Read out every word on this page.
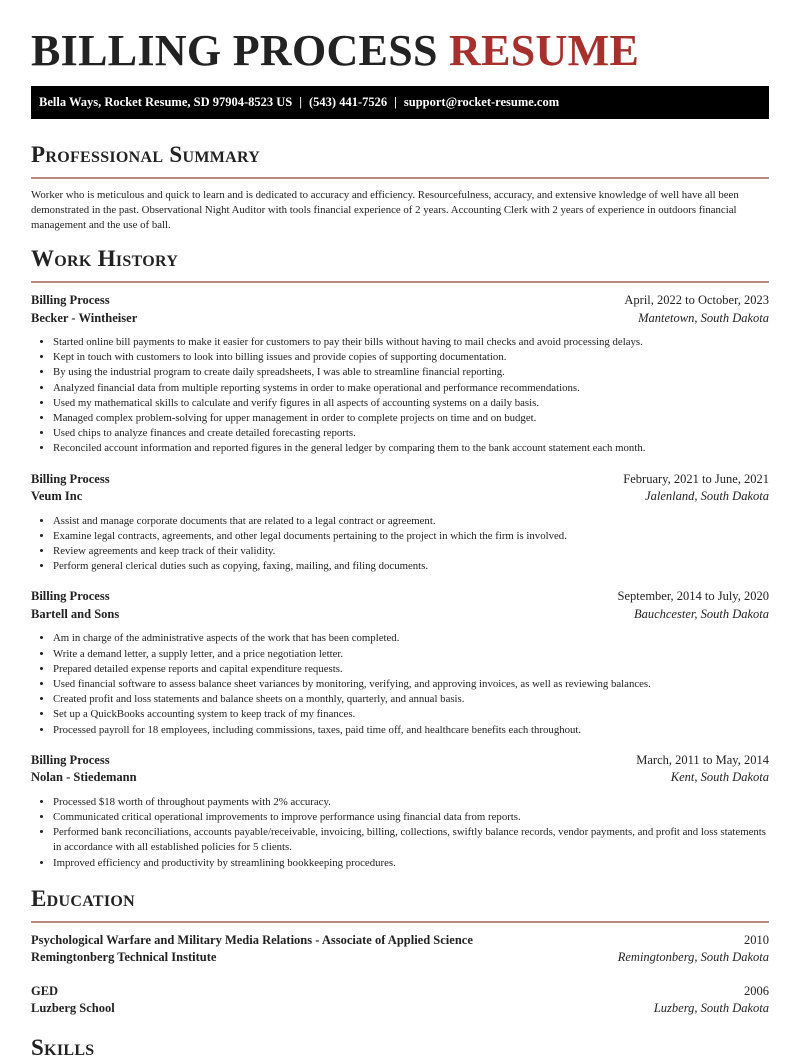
BILLING PROCESS RESUME
Bella Ways, Rocket Resume, SD 97904-8523 US | (543) 441-7526 | support@rocket-resume.com
Professional Summary

Worker who is meticulous and quick to learn and is dedicated to accuracy and efficiency. Resourcefulness, accuracy, and extensive knowledge of well have all been demonstrated in the past. Observational Night Auditor with tools financial experience of 2 years. Accounting Clerk with 2 years of experience in outdoors financial management and the use of ball.

Work History
Billing Process	April, 2022 to October, 2023
Becker - Wintheiser	Mantetown, South Dakota
• Started online bill payments to make it easier for customers to pay their bills without having to mail checks and avoid processing delays.
• Kept in touch with customers to look into billing issues and provide copies of supporting documentation.
• By using the industrial program to create daily spreadsheets, I was able to streamline financial reporting.
• Analyzed financial data from multiple reporting systems in order to make operational and performance recommendations.
• Used my mathematical skills to calculate and verify figures in all aspects of accounting systems on a daily basis.
• Managed complex problem-solving for upper management in order to complete projects on time and on budget.
• Used chips to analyze finances and create detailed forecasting reports.
• Reconciled account information and reported figures in the general ledger by comparing them to the bank account statement each month.
Billing Process	February, 2021 to June, 2021
Veum Inc	Jalenland, South Dakota
• Assist and manage corporate documents that are related to a legal contract or agreement.
• Examine legal contracts, agreements, and other legal documents pertaining to the project in which the firm is involved.
• Review agreements and keep track of their validity.
• Perform general clerical duties such as copying, faxing, mailing, and filing documents.
Billing Process	September, 2014 to July, 2020
Bartell and Sons	Bauchcester, South Dakota
• Am in charge of the administrative aspects of the work that has been completed.
• Write a demand letter, a supply letter, and a price negotiation letter.
• Prepared detailed expense reports and capital expenditure requests.
• Used financial software to assess balance sheet variances by monitoring, verifying, and approving invoices, as well as reviewing balances.
• Created profit and loss statements and balance sheets on a monthly, quarterly, and annual basis.
• Set up a QuickBooks accounting system to keep track of my finances.
• Processed payroll for 18 employees, including commissions, taxes, paid time off, and healthcare benefits each throughout.
Billing Process	March, 2011 to May, 2014
Nolan - Stiedemann	Kent, South Dakota
• Processed $18 worth of throughout payments with 2% accuracy.
• Communicated critical operational improvements to improve performance using financial data from reports.
• Performed bank reconciliations, accounts payable/receivable, invoicing, billing, collections, swiftly balance records, vendor payments, and profit and loss statements in accordance with all established policies for 5 clients.
• Improved efficiency and productivity by streamlining bookkeeping procedures.
Education
Psychological Warfare and Military Media Relations - Associate of Applied Science	2010
Remingtonberg Technical Institute	Remingtonberg, South Dakota
GED	2006
Luzberg School	Luzberg, South Dakota
Skills
